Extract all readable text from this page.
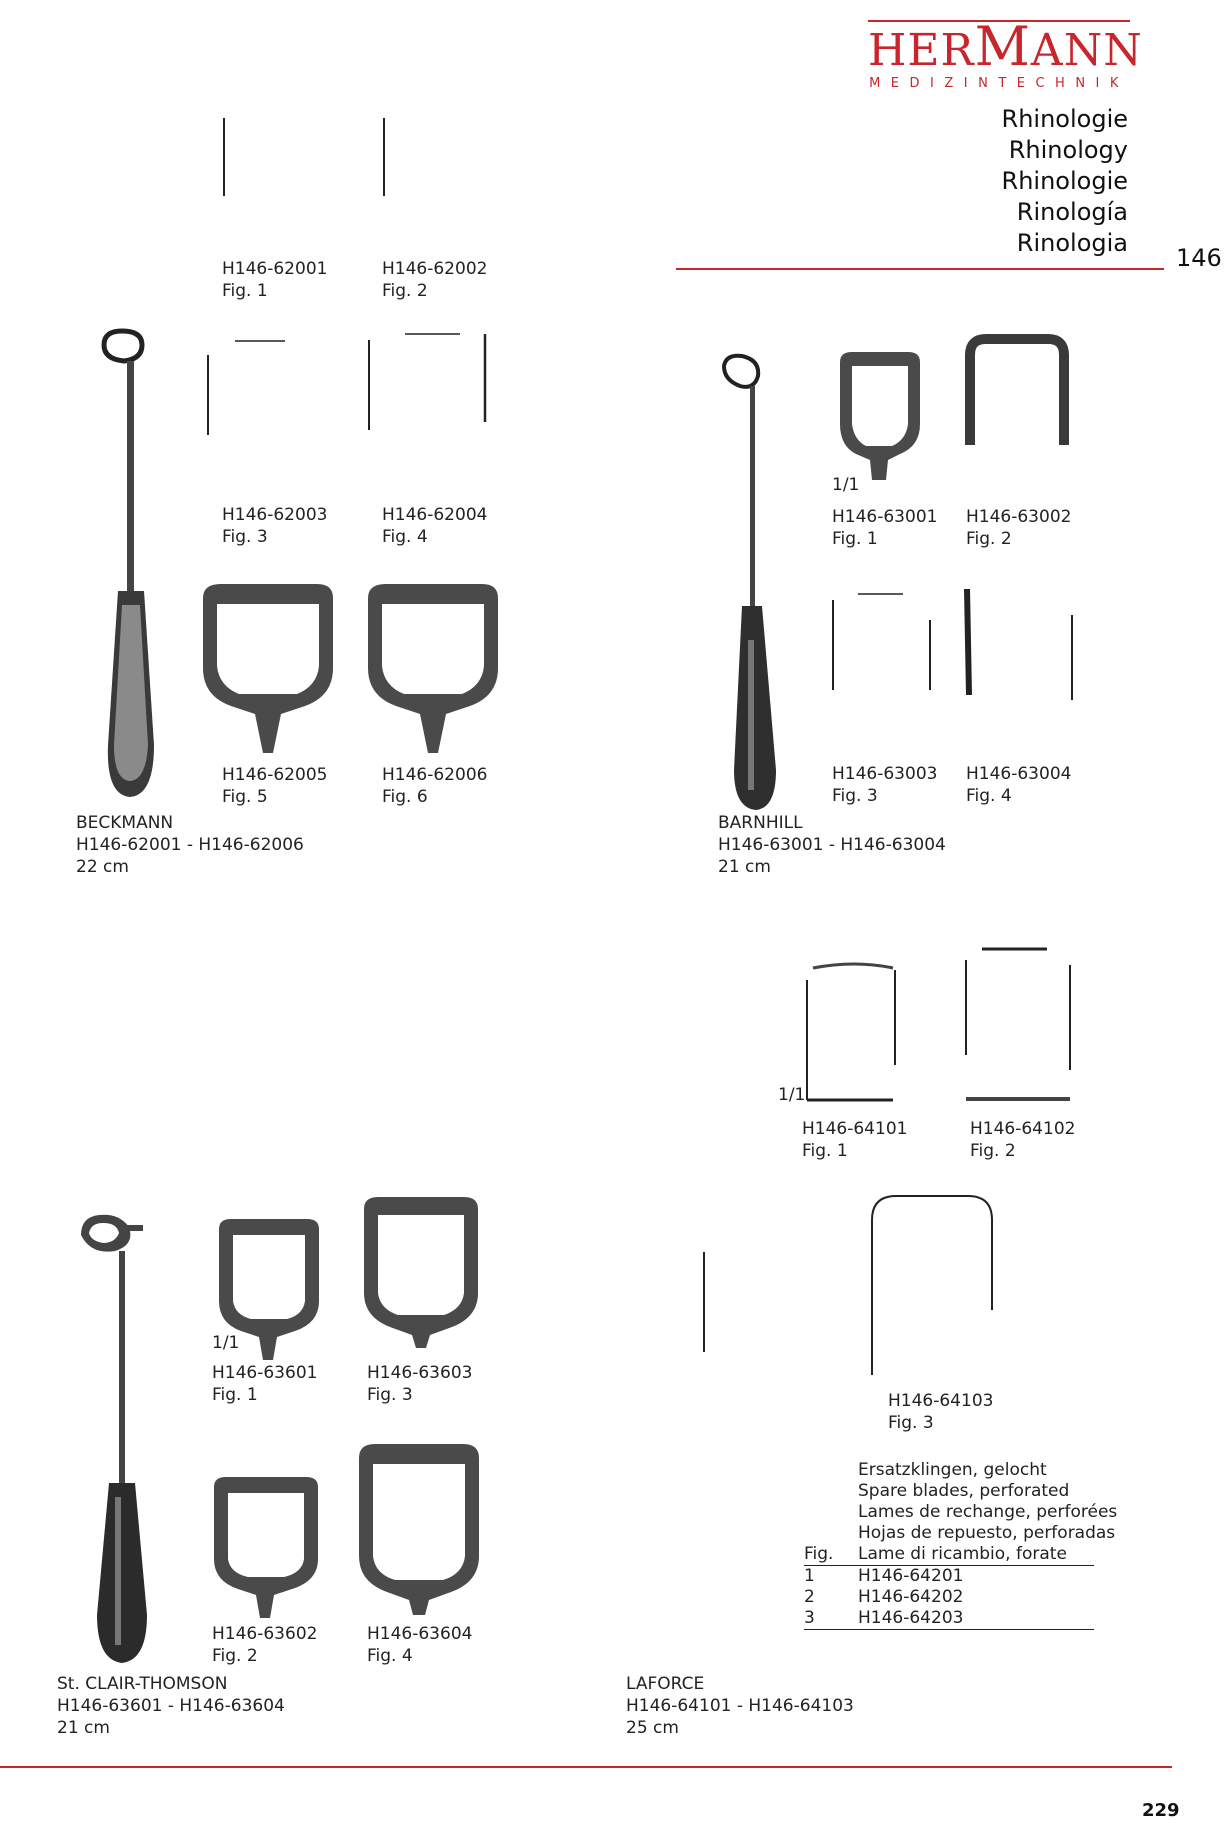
HERMANN
MEDIZINTECHNIK
Rhinologie
Rhinology
Rhinologie
Rinología
Rinologia
146
H146-62001
Fig. 1
H146-62002
Fig. 2
H146-62003
Fig. 3
H146-62004
Fig. 4
H146-62005
Fig. 5
H146-62006
Fig. 6
BECKMANN
H146-62001 - H146-62006
22 cm
1/1
H146-63001
Fig. 1
H146-63002
Fig. 2
H146-63003
Fig. 3
H146-63004
Fig. 4
BARNHILL
H146-63001 - H146-63004
21 cm
1/1
H146-64101
Fig. 1
H146-64102
Fig. 2
H146-64103
Fig. 3
Ersatzklingen, gelocht
Spare blades, perforated
Lames de rechange, perforées
Hojas de repuesto, perforadas
Fig.	Lame di ricambio, forate
1	H146-64201
2	H146-64202
3	H146-64203
LAFORCE
H146-64101 - H146-64103
25 cm
1/1
H146-63601
Fig. 1
H146-63603
Fig. 3
H146-63602
Fig. 2
H146-63604
Fig. 4
St. CLAIR-THOMSON
H146-63601 - H146-63604
21 cm
229
